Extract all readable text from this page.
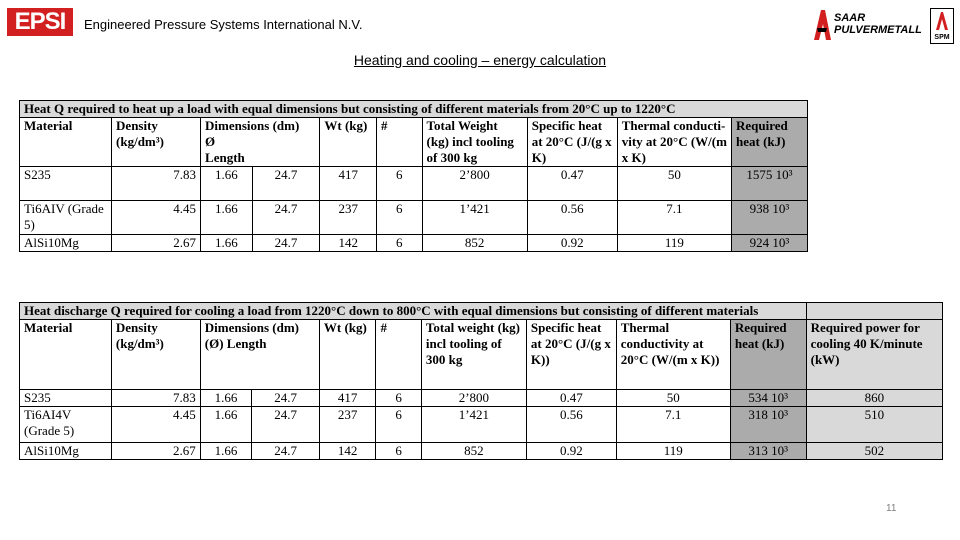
EPSI	Engineered Pressure Systems International N.V.	SAAR
PULVERMETALL
SPM
Heating and cooling – energy calculation
Heat Q required to heat up a load with equal dimensions but consisting of different materials from 20°C up to 1220°C									
Material	Density (kg/dm³)	Dimensions (dm)
Ø
Length		Wt (kg)	#	Total Weight (kg) incl tooling of 300 kg	Specific heat at 20°C (J/(g x K)	Thermal conducti-vity at 20°C (W/(m x K)	Required heat (kJ)
S235	7.83	1.66	24.7	417	6	2’800	0.47	50	1575 10³
Ti6AIV (Grade 5)	4.45	1.66	24.7	237	6	1’421	0.56	7.1	938 10³
AlSi10Mg	2.67	1.66	24.7	142	6	852	0.92	119	924 10³
Heat discharge Q required for cooling a load from 1220°C down to 800°C with equal dimensions but consisting of different materials										
Material	Density (kg/dm³)	Dimensions (dm) (Ø) Length		Wt (kg)	#	Total weight (kg) incl tooling of 300 kg	Specific heat at 20°C (J/(g x K))	Thermal conductivity at 20°C (W/(m x K))	Required heat (kJ)	Required power for cooling 40 K/minute (kW)
S235	7.83	1.66	24.7	417	6	2’800	0.47	50	534 10³	860
Ti6AI4V (Grade 5)	4.45	1.66	24.7	237	6	1’421	0.56	7.1	318 10³	510
AlSi10Mg	2.67	1.66	24.7	142	6	852	0.92	119	313 10³	502
11
